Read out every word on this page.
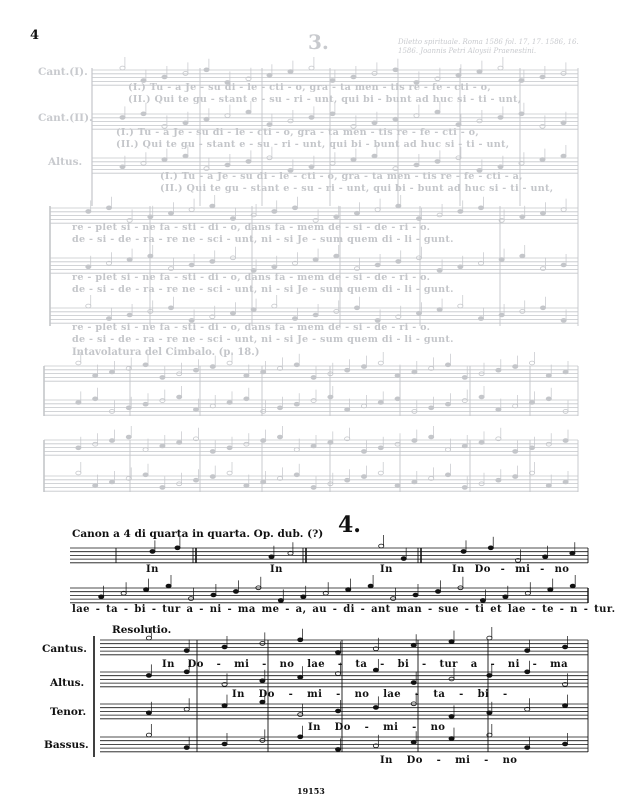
4	3.	Diletto spirituale. Roma 1586 fol. 17, 17. 1586, 16.
1586. Joannis Petri Aloysii Praenestini.
Cant.(I).
Cant.(II).
Altus.
(I.) Tu - a Je - su di - le - cti - o, gra - ta men - tis re - fe - cti - o,
(II.) Qui te gu - stant e - su - ri - unt, qui bi - bunt ad huc si - ti - unt,
(I.) Tu - a Je - su di - le - cti - o, gra - ta men - tis re - fe - cti - o,
(II.) Qui te gu - stant e - su - ri - unt, qui bi - bunt ad huc si - ti - unt,
(I.) Tu - a Je - su di - le - cti - o, gra - ta men - tis re - fe - cti - a,
(II.) Qui te gu - stant e - su - ri - unt, qui bi - bunt ad huc si - ti - unt,
re - plet si - ne fa - sti - di - o, dans fa - mem de - si - de - ri - o.
de - si - de - ra - re ne - sci - unt, ni - si Je - sum quem di - li - gunt.
re - plet si - ne fa - sti - di - o, dans fa - mem de - si - de - ri - o.
de - si - de - ra - re ne - sci - unt, ni - si Je - sum quem di - li - gunt.
re - plet si - ne fa - sti - di - o, dans fa - mem de - si - de - ri - o.
de - si - de - ra - re ne - sci - unt, ni - si Je - sum quem di - li - gunt.
Intavolatura del Cimbalo. (p. 18.)
4.
Canon a 4 di quarta in quarta. Op. dub. (?)
In	In	In	In Do - mi - no
lae - ta - bi - tur a - ni - ma me - a, au - di - ant man - sue - ti et lae - te - n - tur.
Resolutio.
Cantus.
Altus.
Tenor.
Bassus.
In Do - mi - no lae - ta - bi - tur a - ni - ma
In Do - mi - no lae - ta - bi -
In Do - mi - no
In Do - mi - no
19153
